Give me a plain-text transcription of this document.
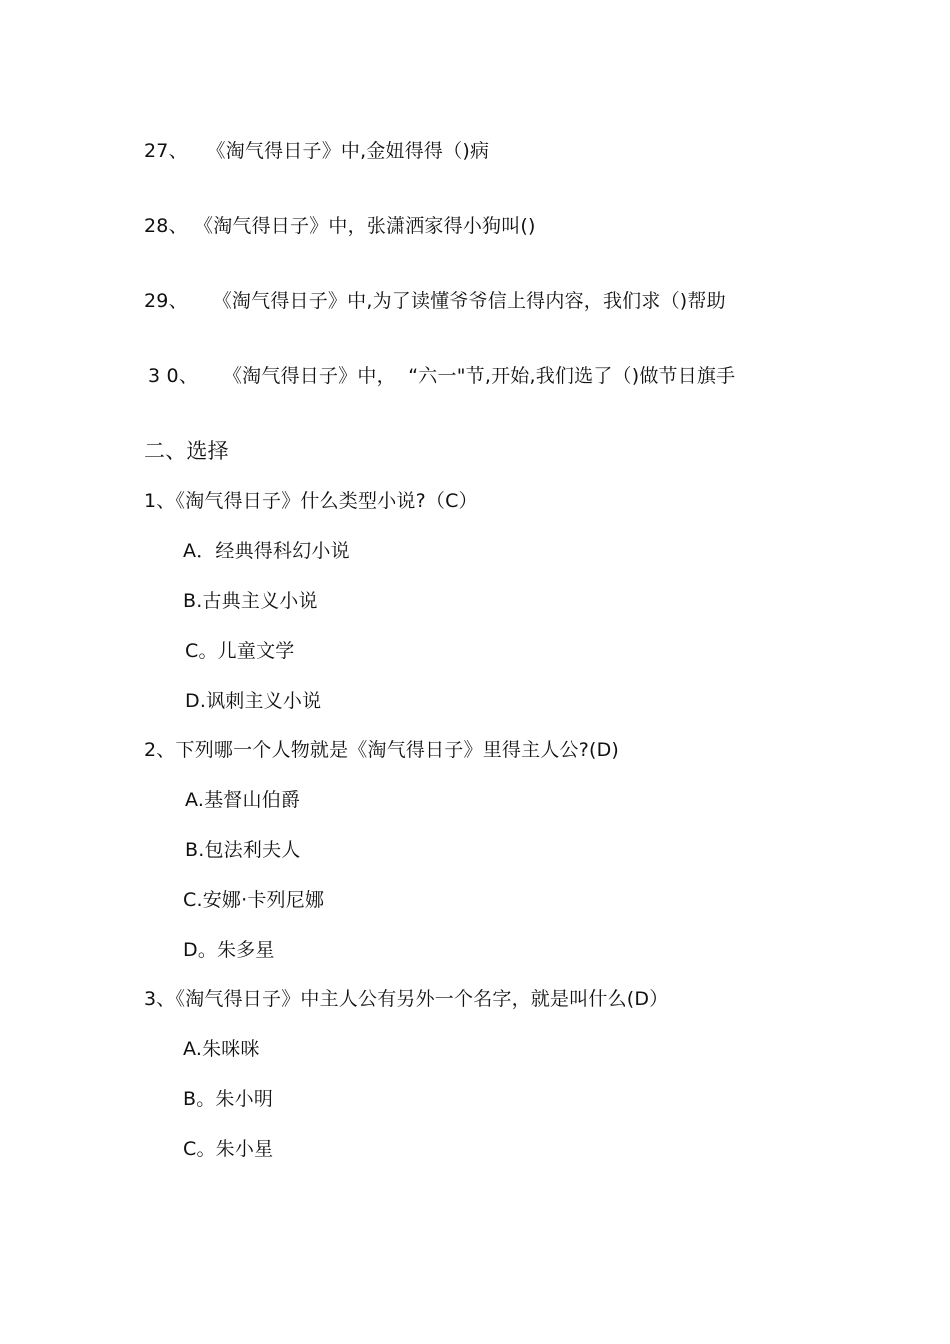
27、   《淘气得日子》中,金妞得得（)病
28、 《淘气得日子》中，张潇洒家得小狗叫()
29、    《淘气得日子》中,为了读懂爷爷信上得内容，我们求（)帮助
3 0、    《淘气得日子》中，  “六一"节,开始,我们选了（)做节日旗手
二、选择
1、《淘气得日子》什么类型小说?（C）
A．经典得科幻小说
B.古典主义小说
C。儿童文学
D.讽刺主义小说
2、下列哪一个人物就是《淘气得日子》里得主人公?(D)
A.基督山伯爵
B.包法利夫人
C.安娜·卡列尼娜
D。朱多星
3、《淘气得日子》中主人公有另外一个名字，就是叫什么(D）
A.朱咪咪
B。朱小明
C。朱小星
